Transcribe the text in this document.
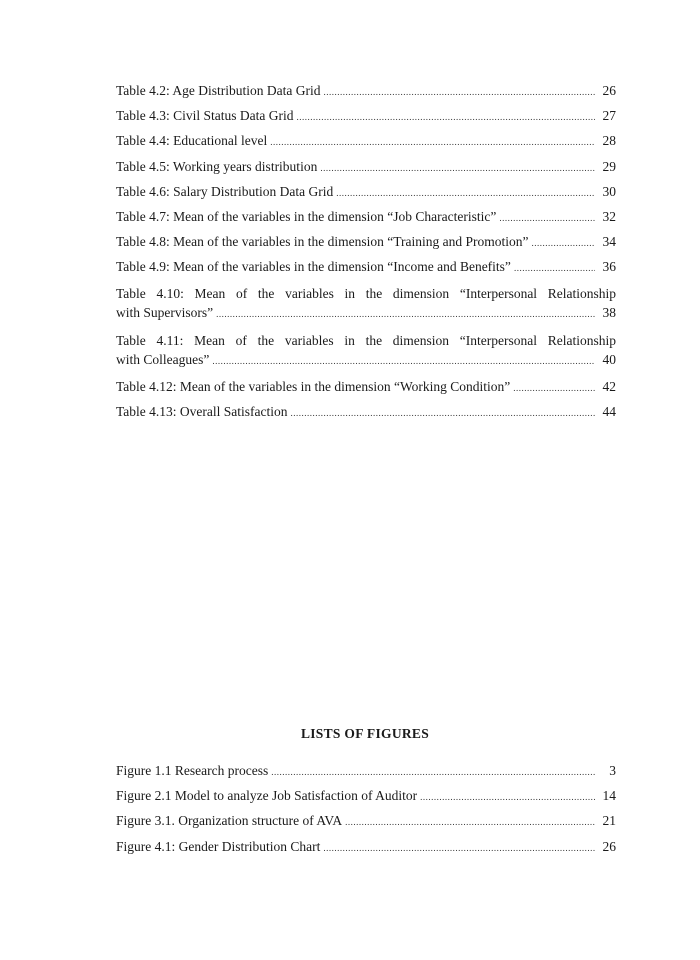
Table 4.2: Age Distribution Data Grid .....	26
Table 4.3: Civil Status Data Grid .....	27
Table 4.4: Educational level .....	28
Table 4.5: Working years distribution .....	29
Table 4.6: Salary Distribution Data Grid .....	30
Table 4.7: Mean of the variables in the dimension “Job Characteristic” .....	32
Table 4.8: Mean of the variables in the dimension “Training and Promotion” .....	34
Table 4.9: Mean of the variables in the dimension “Income and Benefits” .....	36
Table 4.10: Mean of the variables in the dimension “Interpersonal Relationship
with Supervisors” .....	38
Table 4.11: Mean of the variables in the dimension “Interpersonal Relationship
with Colleagues” .....	40
Table 4.12: Mean of the variables in the dimension “Working Condition” .....	42
Table 4.13: Overall Satisfaction .....	44
LISTS OF FIGURES
Figure 1.1 Research process .....	3
Figure 2.1 Model to analyze Job Satisfaction of Auditor .....	14
Figure 3.1. Organization structure of AVA .....	21
Figure 4.1: Gender Distribution Chart .....	26
